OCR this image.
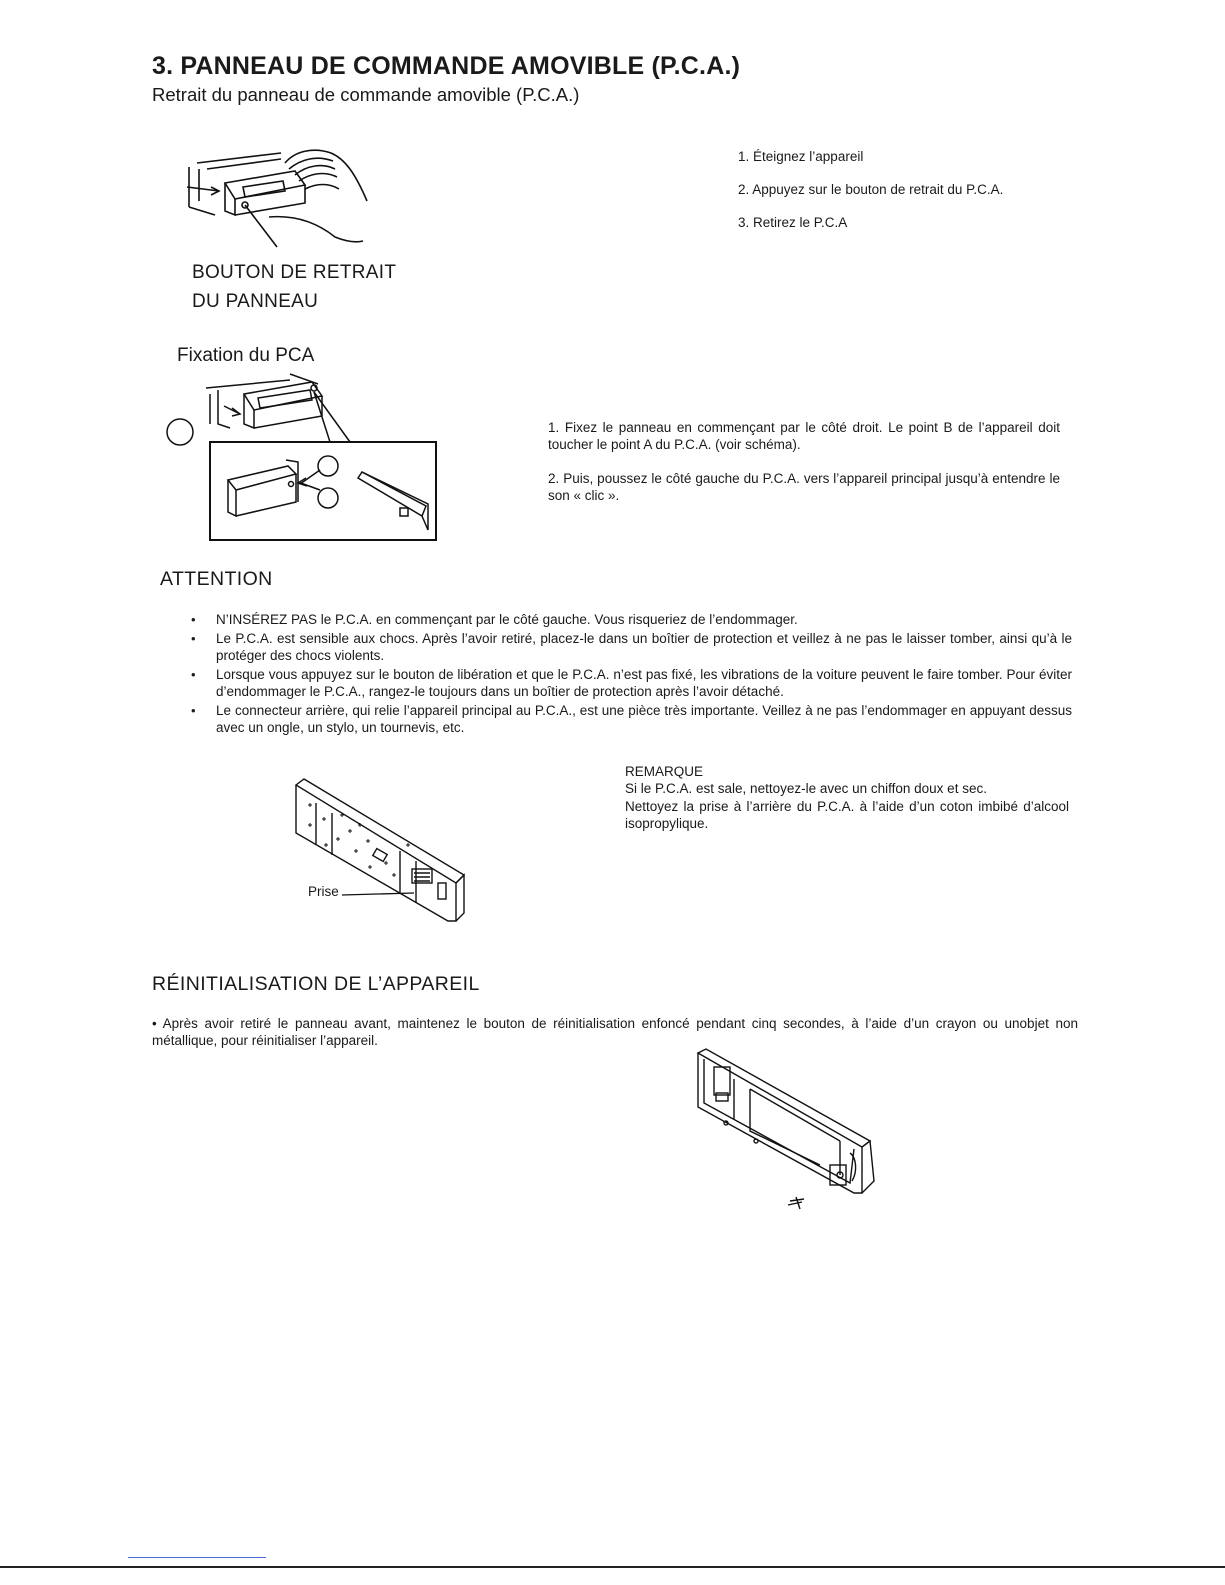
3. PANNEAU DE COMMANDE AMOVIBLE (P.C.A.)
Retrait du panneau de commande amovible (P.C.A.)
BOUTON DE RETRAIT
DU PANNEAU
1. Éteignez l’appareil
2. Appuyez sur le bouton de retrait du P.C.A.
3. Retirez le P.C.A
Fixation du PCA
1. Fixez le panneau en commençant par le côté droit. Le point B de l’appareil doit toucher le point A du P.C.A. (voir schéma).
2. Puis, poussez le côté gauche du P.C.A. vers l’appareil principal jusqu’à entendre le son « clic ».
ATTENTION
• N’INSÉREZ PAS le P.C.A. en commençant par le côté gauche. Vous risqueriez de l’endommager.
• Le P.C.A. est sensible aux chocs. Après l’avoir retiré, placez-le dans un boîtier de protection et veillez à ne pas le laisser tomber, ainsi qu’à le protéger des chocs violents.
• Lorsque vous appuyez sur le bouton de libération et que le P.C.A. n’est pas fixé, les vibrations de la voiture peuvent le faire tomber. Pour éviter d’endommager le P.C.A., rangez-le toujours dans un boîtier de protection après l’avoir détaché.
• Le connecteur arrière, qui relie l’appareil principal au P.C.A., est une pièce très importante. Veillez à ne pas l’endommager en appuyant dessus avec un ongle, un stylo, un tournevis, etc.
Prise
REMARQUE
Si le P.C.A. est sale, nettoyez-le avec un chiffon doux et sec.
Nettoyez la prise à l’arrière du P.C.A. à l’aide d’un coton imbibé d’alcool isopropylique.
RÉINITIALISATION DE L’APPAREIL
• Après avoir retiré le panneau avant, maintenez le bouton de réinitialisation enfoncé pendant cinq secondes, à l’aide d’un crayon ou unobjet non métallique, pour réinitialiser l’appareil.
